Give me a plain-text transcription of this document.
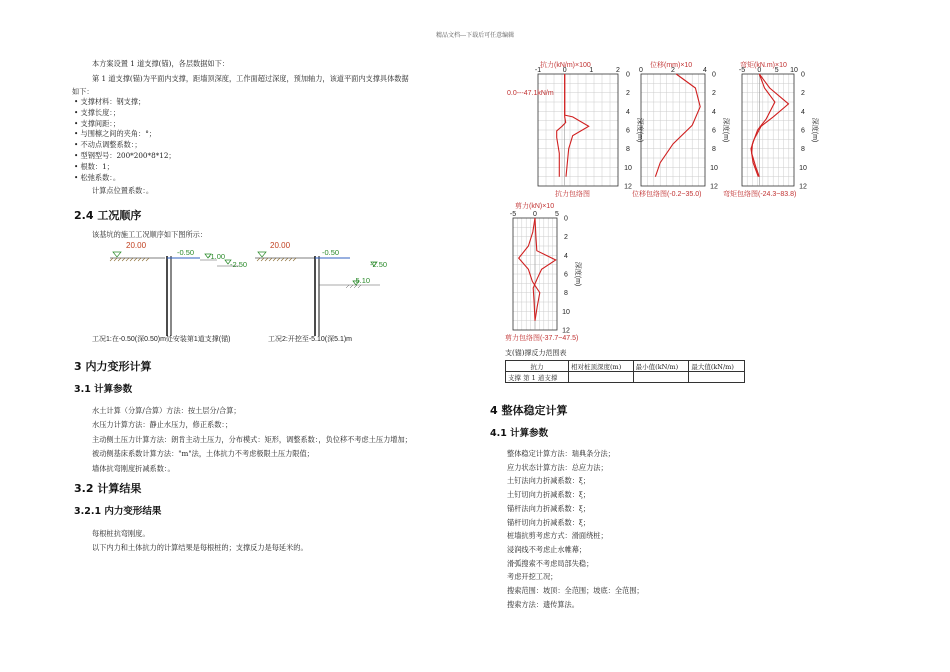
精品文档---下载后可任意编辑
本方案设置 1 道支撑(锚)，各层数据如下：
第 1 道支撑(锚)为平面内支撑，距墙顶深度，工作面超过深度，预加轴力，该道平面内支撑具体数据
如下：
• 支撑材料：钢支撑；
• 支撑长度：；
• 支撑间距：；
• 与围檩之间的夹角：°；
• 不动点调整系数：；
• 型钢型号：200*200*8*12；
• 根数：1；
• 松弛系数：。
计算点位置系数：。
2.4 工况顺序
该基坑的施工工况顺序如下图所示：
20.00
-0.50 -1.00
-2.50
20.00
-0.50
-2.50
-5.10
工况1:在-0.50(深0.50)m处安装第1道支撑(锚)	工况2:开挖至-5.10(深5.1)m
3 内力变形计算
3.1 计算参数
水土计算（分算/合算）方法：按土层分/合算；
水压力计算方法：静止水压力，修正系数：；
主动侧土压力计算方法：朗肯主动土压力，分布模式：矩形，调整系数：，负位移不考虑土压力增加；
被动侧基床系数计算方法："m"法，土体抗力不考虑极限土压力限值；
墙体抗弯刚度折减系数：。
3.2 计算结果
3.2.1 内力变形结果
每根桩抗弯刚度。
以下内力和土体抗力的计算结果是每根桩的；支撑反力是每延米的。
抗力(kN/m)×100	位移(mm)×10	弯矩(kN.m)×10
剪力(kN)×10
-1	0	1	2
0
2
4
6
8
10
12
深度(m)
0	2	4
0
2
4
6
8
10
12
深度(m)
-5 0 5 10
0
2
4
6
8
10
12
深度(m)
-5 0	5
0
2
4
6
8
10
12
深度(m)
0.0---47.1kN/m
抗力包络图	位移包络图(-0.2~35.0)	弯矩包络图(-24.3~83.8)
剪力包络图(-37.7~47.5)
支(锚)撑反力范围表
抗力	相对桩顶深度(m)	最小值(kN/m)	最大值(kN/m)
支撑 第 1 道支撑			
4 整体稳定计算
4.1 计算参数
整体稳定计算方法：瑞典条分法；
应力状态计算方法：总应力法；
土钉法向力折减系数：ξ；
土钉切向力折减系数：ξ；
锚杆法向力折减系数：ξ；
锚杆切向力折减系数：ξ；
桩墙抗剪考虑方式：滑面绕桩；
浸润线不考虑止水帷幕；
滑弧搜索不考虑局部失稳；
考虑开挖工况；
搜索范围：坡顶：全范围；坡底：全范围；
搜索方法：遗传算法。
